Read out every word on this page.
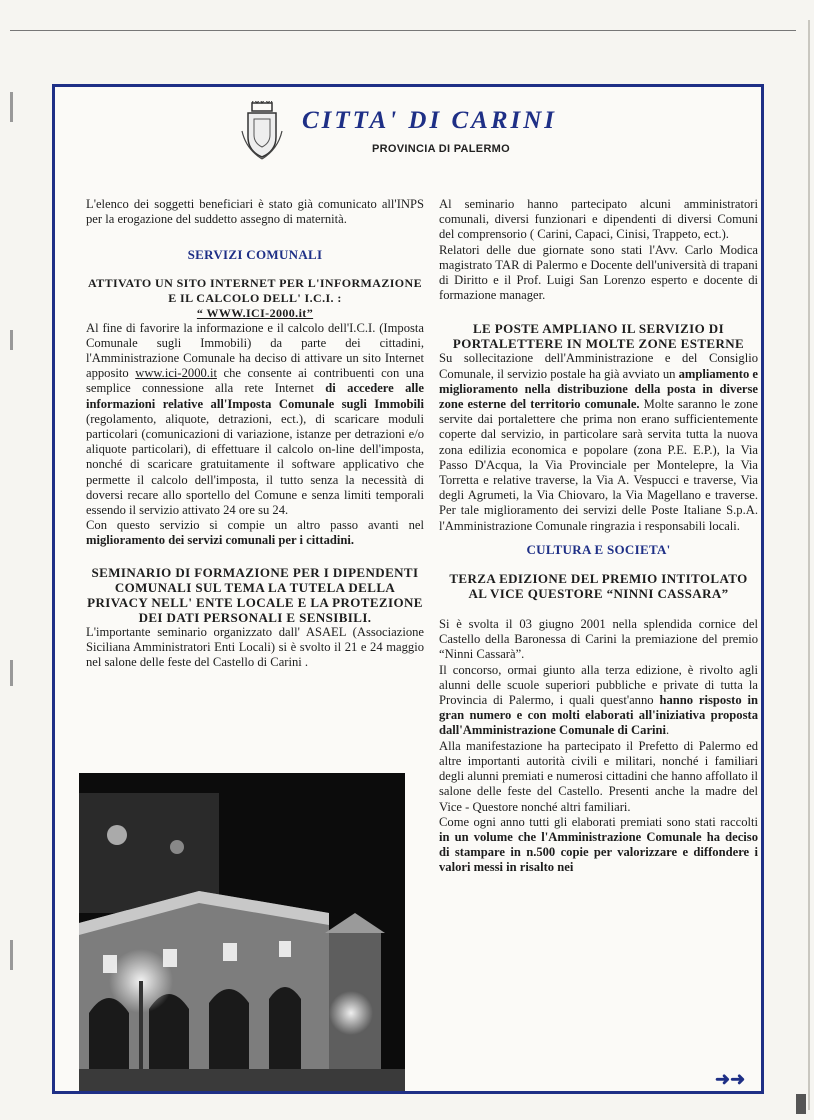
CITTA' DI CARINI
PROVINCIA DI PALERMO

L'elenco dei soggetti beneficiari è stato già comunicato all'INPS per la erogazione del suddetto assegno di maternità.

SERVIZI COMUNALI
ATTIVATO UN SITO INTERNET PER L'INFORMAZIONE E IL CALCOLO DELL' I.C.I. :
“ WWW.ICI-2000.it”

Al fine di favorire la informazione e il calcolo dell'I.C.I. (Imposta Comunale sugli Immobili) da parte dei cittadini, l'Amministrazione Comunale ha deciso di attivare un sito Internet apposito www.ici-2000.it che consente ai contribuenti con una semplice connessione alla rete Internet di accedere alle informazioni relative all'Imposta Comunale sugli Immobili (regolamento, aliquote, detrazioni, ect.), di scaricare moduli particolari (comunicazioni di variazione, istanze per detrazioni e/o aliquote particolari), di effettuare il calcolo on-line dell'imposta, nonché di scaricare gratuitamente il software applicativo che permette il calcolo dell'imposta, il tutto senza la necessità di doversi recare allo sportello del Comune e senza limiti temporali essendo il servizio attivato 24 ore su 24.

Con questo servizio si compie un altro passo avanti nel miglioramento dei servizi comunali per i cittadini.

SEMINARIO DI FORMAZIONE PER I DIPENDENTI COMUNALI SUL TEMA LA TUTELA DELLA PRIVACY NELL' ENTE LOCALE E LA PROTEZIONE DEI DATI PERSONALI E SENSIBILI.

L'importante seminario organizzato dall' ASAEL (Associazione Siciliana Amministratori Enti Locali) si è svolto il 21 e 24 maggio nel salone delle feste del Castello di Carini .

Al seminario hanno partecipato alcuni amministratori comunali, diversi funzionari e dipendenti di diversi Comuni del comprensorio ( Carini, Capaci, Cinisi, Trappeto, ect.).

Relatori delle due giornate sono stati l'Avv. Carlo Modica magistrato TAR di Palermo e Docente dell'università di trapani di Diritto e il Prof. Luigi San Lorenzo esperto e docente di formazione manager.

LE POSTE AMPLIANO IL SERVIZIO DI PORTALETTERE IN MOLTE ZONE ESTERNE

Su sollecitazione dell'Amministrazione e del Consiglio Comunale, il servizio postale ha già avviato un ampliamento e miglioramento nella distribuzione della posta in diverse zone esterne del territorio comunale. Molte saranno le zone servite dai portalettere che prima non erano sufficientemente coperte dal servizio, in particolare sarà servita tutta la nuova zona edilizia economica e popolare (zona P.E. E.P.), la Via Passo D'Acqua, la Via Provinciale per Montelepre, la Via Torretta e relative traverse, la Via A. Vespucci e traverse, Via degli Agrumeti, la Via Chiovaro, la Via Magellano e traverse. Per tale miglioramento dei servizi delle Poste Italiane S.p.A. l'Amministrazione Comunale ringrazia i responsabili locali.

CULTURA E SOCIETA'
TERZA EDIZIONE DEL PREMIO INTITOLATO AL VICE QUESTORE “NINNI CASSARA”

Si è svolta il 03 giugno 2001 nella splendida cornice del Castello della Baronessa di Carini la premiazione del premio “Ninni Cassarà”.

Il concorso, ormai giunto alla terza edizione, è rivolto agli alunni delle scuole superiori pubbliche e private di tutta la Provincia di Palermo, i quali quest'anno hanno risposto in gran numero e con molti elaborati all'iniziativa proposta dall'Amministrazione Comunale di Carini.

Alla manifestazione ha partecipato il Prefetto di Palermo ed altre importanti autorità civili e militari, nonché i familiari degli alunni premiati e numerosi cittadini che hanno affollato il salone delle feste del Castello. Presenti anche la madre del Vice - Questore nonché altri familiari.

Come ogni anno tutti gli elaborati premiati sono stati raccolti in un volume che l'Amministrazione Comunale ha deciso di stampare in n.500 copie per valorizzare e diffondere i valori messi in risalto nei

➜➜
